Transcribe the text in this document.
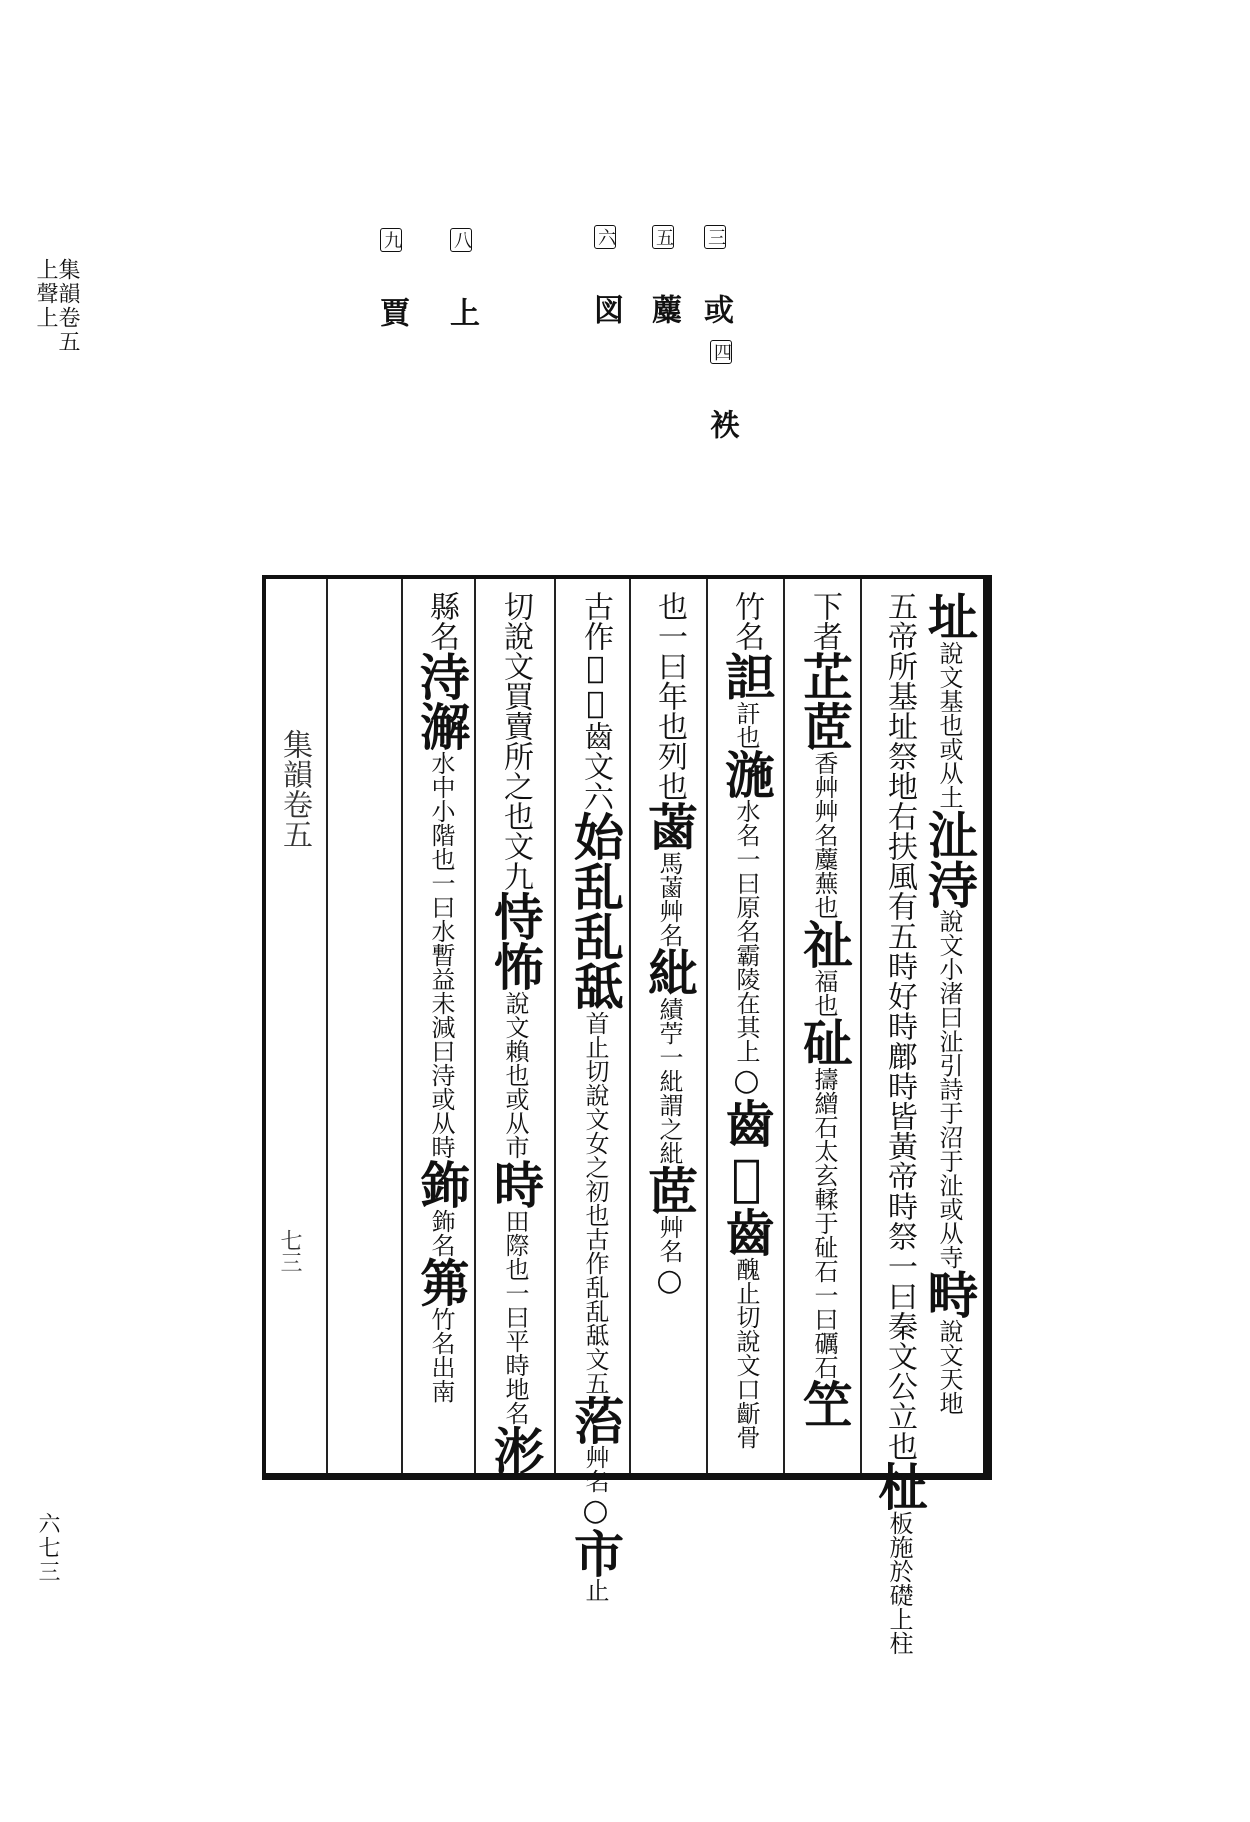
集韻卷五
上聲上
六七三
三 或
四 袟
五 蘪
六 図
八 上
九 賈
集韻卷五
七三
址說文基也或从土沚洔說文小渚曰沚引詩于沼于沚或从寺畤說文天地
五帝所基址祭地右扶風有五時好時鄜時皆黃帝時祭一曰秦文公立也杫板施於礎上柱
下者芷茝香艸艸名蘪蕪也祉福也砋擣繒石太玄輮于砋石一曰礪石笁
竹名詚訐也湤水名一曰原名霸陵在其上○齒𠚕齒醜止切說文口齗骨
也一曰年也列也蓾馬蓾艸名紕績苧一紕謂之紕茝艸名○
古作𠚕𠚕齒文六始乱乱䑛首止切說文女之初也古作乱乱䑛文五菭艸名○市止
切說文買賣所之也文九恃怖說文賴也或从市時田際也一曰平時地名涁
縣名洔澥水中小階也一曰水暫益未減曰洔或从時鉓鉓名笰竹名出南
